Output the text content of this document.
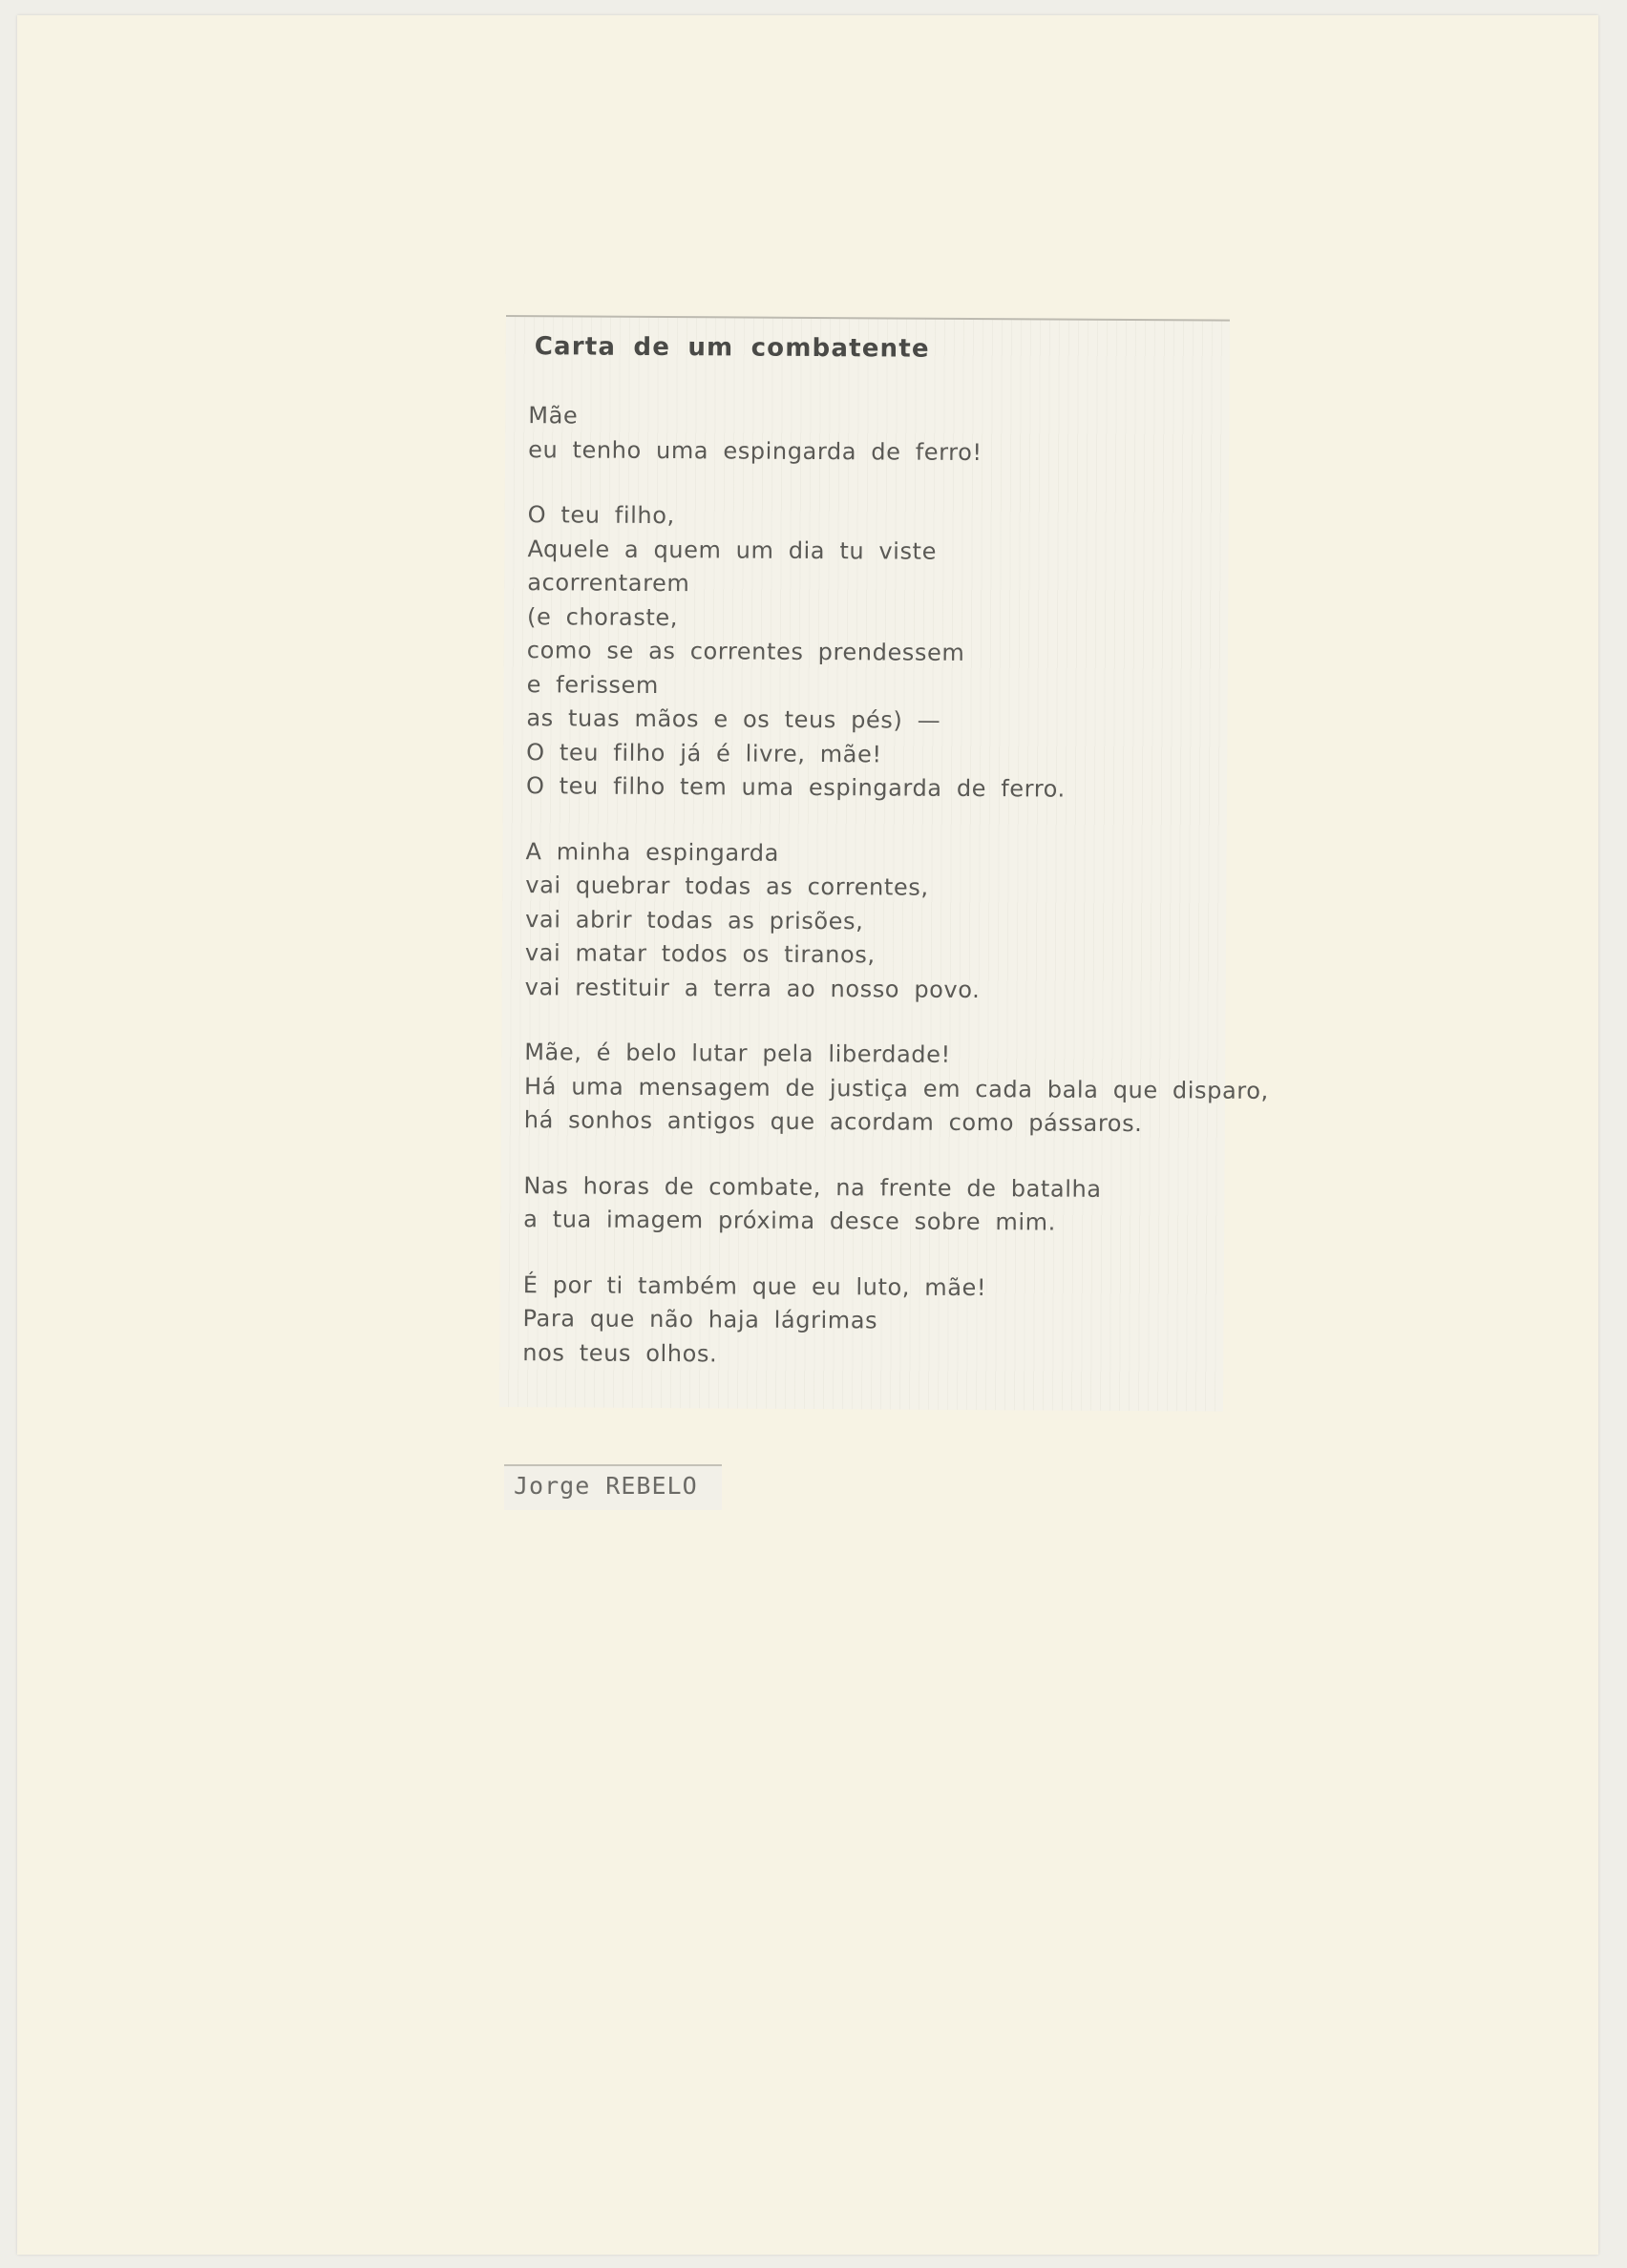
Carta de um combatente
Mãe
eu tenho uma espingarda de ferro!
O teu filho,
Aquele a quem um dia tu viste
acorrentarem
(e choraste,
como se as correntes prendessem
e ferissem
as tuas mãos e os teus pés) —
O teu filho já é livre, mãe!
O teu filho tem uma espingarda de ferro.
A minha espingarda
vai quebrar todas as correntes,
vai abrir todas as prisões,
vai matar todos os tiranos,
vai restituir a terra ao nosso povo.
Mãe, é belo lutar pela liberdade!
Há uma mensagem de justiça em cada bala que disparo,
há sonhos antigos que acordam como pássaros.
Nas horas de combate, na frente de batalha
a tua imagem próxima desce sobre mim.
É por ti também que eu luto, mãe!
Para que não haja lágrimas
nos teus olhos.
Jorge REBELO
